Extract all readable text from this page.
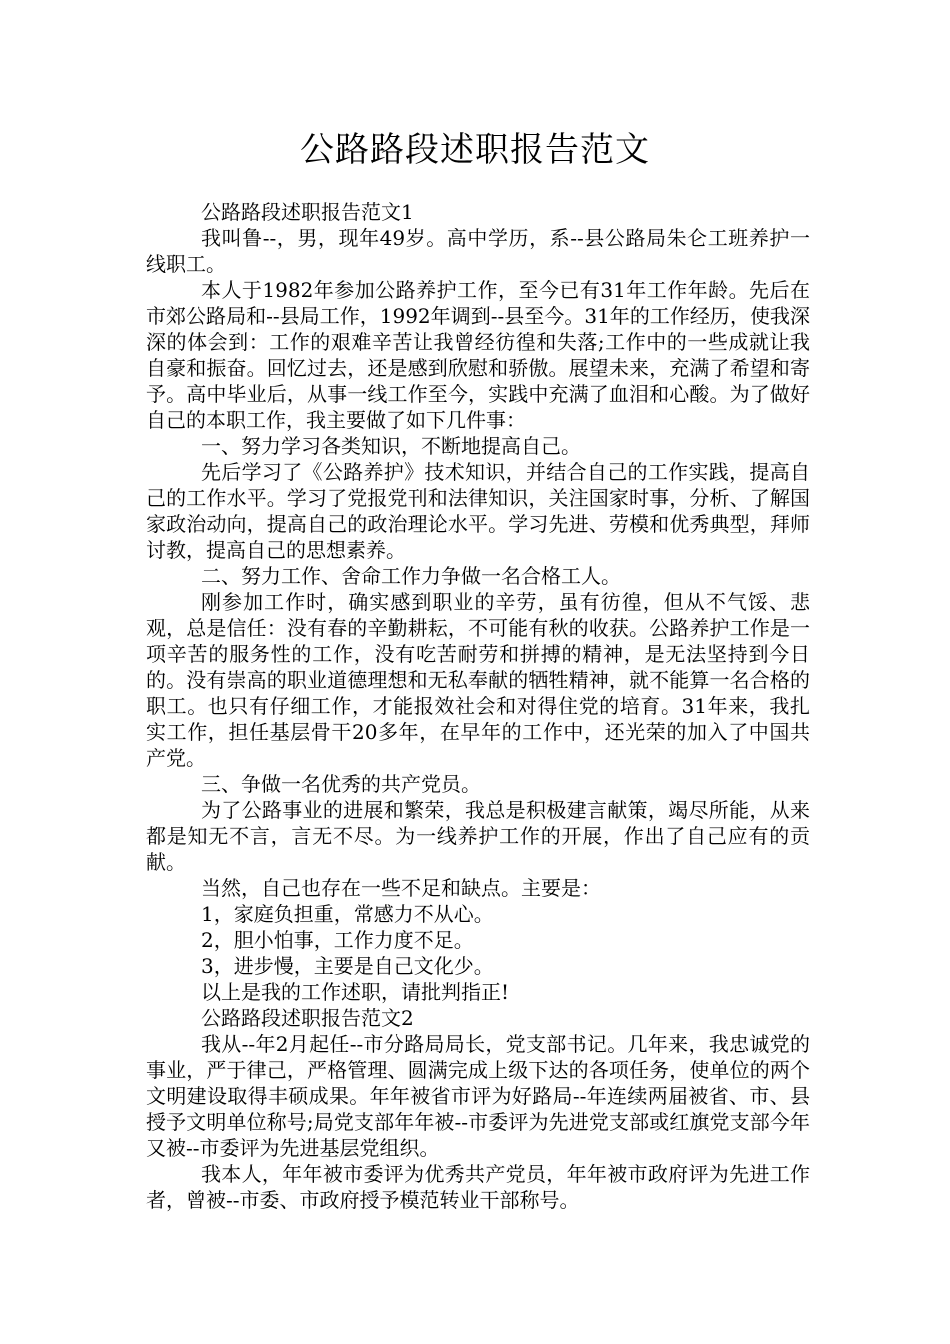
公路路段述职报告范文

公路路段述职报告范文1

我叫鲁--，男，现年49岁。高中学历，系--县公路局朱仑工班养护一线职工。

本人于1982年参加公路养护工作，至今已有31年工作年龄。先后在市郊公路局和--县局工作，1992年调到--县至今。31年的工作经历，使我深深的体会到：工作的艰难辛苦让我曾经彷徨和失落;工作中的一些成就让我自豪和振奋。回忆过去，还是感到欣慰和骄傲。展望未来，充满了希望和寄予。高中毕业后，从事一线工作至今，实践中充满了血泪和心酸。为了做好自己的本职工作，我主要做了如下几件事：

一、努力学习各类知识，不断地提高自己。

先后学习了《公路养护》技术知识，并结合自己的工作实践，提高自己的工作水平。学习了党报党刊和法律知识，关注国家时事，分析、了解国家政治动向，提高自己的政治理论水平。学习先进、劳模和优秀典型，拜师讨教，提高自己的思想素养。

二、努力工作、舍命工作力争做一名合格工人。

刚参加工作时，确实感到职业的辛劳，虽有彷徨，但从不气馁、悲观，总是信任：没有春的辛勤耕耘，不可能有秋的收获。公路养护工作是一项辛苦的服务性的工作，没有吃苦耐劳和拼搏的精神，是无法坚持到今日的。没有崇高的职业道德理想和无私奉献的牺牲精神，就不能算一名合格的职工。也只有仔细工作，才能报效社会和对得住党的培育。31年来，我扎实工作，担任基层骨干20多年，在早年的工作中，还光荣的加入了中国共产党。

三、争做一名优秀的共产党员。

为了公路事业的进展和繁荣，我总是积极建言献策，竭尽所能，从来都是知无不言，言无不尽。为一线养护工作的开展，作出了自己应有的贡献。

当然，自己也存在一些不足和缺点。主要是：

1，家庭负担重，常感力不从心。

2，胆小怕事，工作力度不足。

3，进步慢，主要是自己文化少。

以上是我的工作述职，请批判指正!

公路路段述职报告范文2

我从--年2月起任--市分路局局长，党支部书记。几年来，我忠诚党的事业，严于律己，严格管理、圆满完成上级下达的各项任务，使单位的两个文明建设取得丰硕成果。年年被省市评为好路局--年连续两届被省、市、县授予文明单位称号;局党支部年年被--市委评为先进党支部或红旗党支部今年又被--市委评为先进基层党组织。

我本人，年年被市委评为优秀共产党员，年年被市政府评为先进工作者，曾被--市委、市政府授予模范转业干部称号。
